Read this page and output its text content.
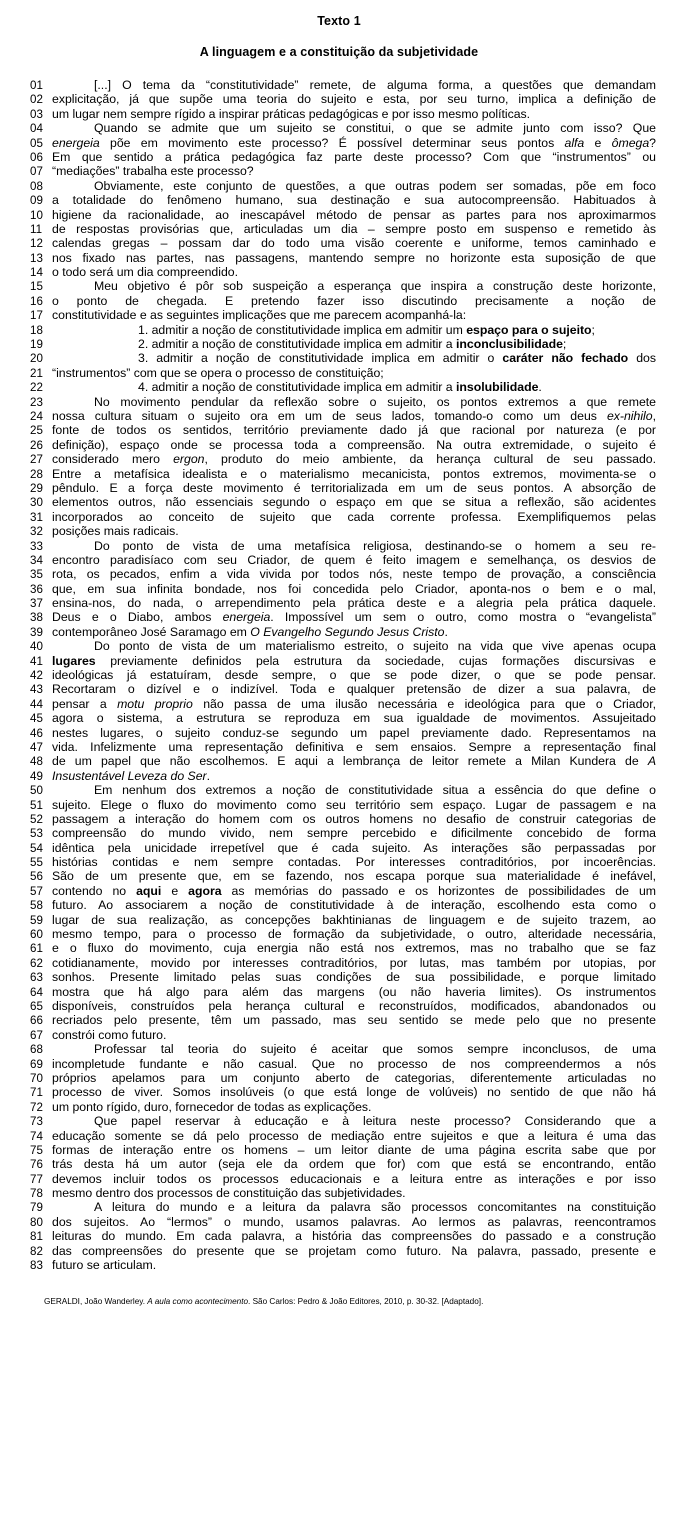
Texto 1
A linguagem e a constituição da subjetividade
01	[...] O tema da “constitutividade” remete, de alguma forma, a questões que demandam
02 explicitação, já que supõe uma teoria do sujeito e esta, por seu turno, implica a definição de
03 um lugar nem sempre rígido a inspirar práticas pedagógicas e por isso mesmo políticas.
04	Quando se admite que um sujeito se constitui, o que se admite junto com isso? Que
05 energeia põe em movimento este processo? É possível determinar seus pontos alfa e ômega?
06 Em que sentido a prática pedagógica faz parte deste processo? Com que “instrumentos” ou
07 “mediações” trabalha este processo?
08	Obviamente, este conjunto de questões, a que outras podem ser somadas, põe em foco
09 a totalidade do fenômeno humano, sua destinação e sua autocompreensão. Habituados à
10 higiene da racionalidade, ao inescapável método de pensar as partes para nos aproximarmos
11 de respostas provisórias que, articuladas um dia – sempre posto em suspenso e remetido às
12 calendas gregas – possam dar do todo uma visão coerente e uniforme, temos caminhado e
13 nos fixado nas partes, nas passagens, mantendo sempre no horizonte esta suposição de que
14 o todo será um dia compreendido.
15	Meu objetivo é pôr sob suspeição a esperança que inspira a construção deste horizonte,
16 o ponto de chegada. E pretendo fazer isso discutindo precisamente a noção de
17 constitutividade e as seguintes implicações que me parecem acompanhá-la:
18	1. admitir a noção de constitutividade implica em admitir um espaço para o sujeito;
19	2. admitir a noção de constitutividade implica em admitir a inconclusibilidade;
20	3. admitir a noção de constitutividade implica em admitir o caráter não fechado dos
21 “instrumentos” com que se opera o processo de constituição;
22	4. admitir a noção de constitutividade implica em admitir a insolubilidade.
23	No movimento pendular da reflexão sobre o sujeito, os pontos extremos a que remete
24 nossa cultura situam o sujeito ora em um de seus lados, tomando-o como um deus ex-nihilo,
25 fonte de todos os sentidos, território previamente dado já que racional por natureza (e por
26 definição), espaço onde se processa toda a compreensão. Na outra extremidade, o sujeito é
27 considerado mero ergon, produto do meio ambiente, da herança cultural de seu passado.
28 Entre a metafísica idealista e o materialismo mecanicista, pontos extremos, movimenta-se o
29 pêndulo. E a força deste movimento é territorializada em um de seus pontos. A absorção de
30 elementos outros, não essenciais segundo o espaço em que se situa a reflexão, são acidentes
31 incorporados ao conceito de sujeito que cada corrente professa. Exemplifiquemos pelas
32 posições mais radicais.
33	Do ponto de vista de uma metafísica religiosa, destinando-se o homem a seu re-
34 encontro paradisíaco com seu Criador, de quem é feito imagem e semelhança, os desvios de
35 rota, os pecados, enfim a vida vivida por todos nós, neste tempo de provação, a consciência
36 que, em sua infinita bondade, nos foi concedida pelo Criador, aponta-nos o bem e o mal,
37 ensina-nos, do nada, o arrependimento pela prática deste e a alegria pela prática daquele.
38 Deus e o Diabo, ambos energeia. Impossível um sem o outro, como mostra o “evangelista”
39 contemporâneo José Saramago em O Evangelho Segundo Jesus Cristo.
40	Do ponto de vista de um materialismo estreito, o sujeito na vida que vive apenas ocupa
41 lugares previamente definidos pela estrutura da sociedade, cujas formações discursivas e
42 ideológicas já estatuíram, desde sempre, o que se pode dizer, o que se pode pensar.
43 Recortaram o dizível e o indizível. Toda e qualquer pretensão de dizer a sua palavra, de
44 pensar a motu proprio não passa de uma ilusão necessária e ideológica para que o Criador,
45 agora o sistema, a estrutura se reproduza em sua igualdade de movimentos. Assujeitado
46 nestes lugares, o sujeito conduz-se segundo um papel previamente dado. Representamos na
47 vida. Infelizmente uma representação definitiva e sem ensaios. Sempre a representação final
48 de um papel que não escolhemos. E aqui a lembrança de leitor remete a Milan Kundera de A
49 Insustentável Leveza do Ser.
50	Em nenhum dos extremos a noção de constitutividade situa a essência do que define o
51 sujeito. Elege o fluxo do movimento como seu território sem espaço. Lugar de passagem e na
52 passagem a interação do homem com os outros homens no desafio de construir categorias de
53 compreensão do mundo vivido, nem sempre percebido e dificilmente concebido de forma
54 idêntica pela unicidade irrepetível que é cada sujeito. As interações são perpassadas por
55 histórias contidas e nem sempre contadas. Por interesses contraditórios, por incoerências.
56 São de um presente que, em se fazendo, nos escapa porque sua materialidade é inefável,
57 contendo no aqui e agora as memórias do passado e os horizontes de possibilidades de um
58 futuro. Ao associarem a noção de constitutividade à de interação, escolhendo esta como o
59 lugar de sua realização, as concepções bakhtinianas de linguagem e de sujeito trazem, ao
60 mesmo tempo, para o processo de formação da subjetividade, o outro, alteridade necessária,
61 e o fluxo do movimento, cuja energia não está nos extremos, mas no trabalho que se faz
62 cotidianamente, movido por interesses contraditórios, por lutas, mas também por utopias, por
63 sonhos. Presente limitado pelas suas condições de sua possibilidade, e porque limitado
64 mostra que há algo para além das margens (ou não haveria limites). Os instrumentos
65 disponíveis, construídos pela herança cultural e reconstruídos, modificados, abandonados ou
66 recriados pelo presente, têm um passado, mas seu sentido se mede pelo que no presente
67 constrói como futuro.
68	Professar tal teoria do sujeito é aceitar que somos sempre inconclusos, de uma
69 incompletude fundante e não casual. Que no processo de nos compreendermos a nós
70 próprios apelamos para um conjunto aberto de categorias, diferentemente articuladas no
71 processo de viver. Somos insolúveis (o que está longe de volúveis) no sentido de que não há
72 um ponto rígido, duro, fornecedor de todas as explicações.
73	Que papel reservar à educação e à leitura neste processo? Considerando que a
74 educação somente se dá pelo processo de mediação entre sujeitos e que a leitura é uma das
75 formas de interação entre os homens – um leitor diante de uma página escrita sabe que por
76 trás desta há um autor (seja ele da ordem que for) com que está se encontrando, então
77 devemos incluir todos os processos educacionais e a leitura entre as interações e por isso
78 mesmo dentro dos processos de constituição das subjetividades.
79	A leitura do mundo e a leitura da palavra são processos concomitantes na constituição
80 dos sujeitos. Ao “lermos” o mundo, usamos palavras. Ao lermos as palavras, reencontramos
81 leituras do mundo. Em cada palavra, a história das compreensões do passado e a construção
82 das compreensões do presente que se projetam como futuro. Na palavra, passado, presente e
83 futuro se articulam.
GERALDI, João Wanderley. A aula como acontecimento. São Carlos: Pedro & João Editores, 2010, p. 30-32. [Adaptado].
